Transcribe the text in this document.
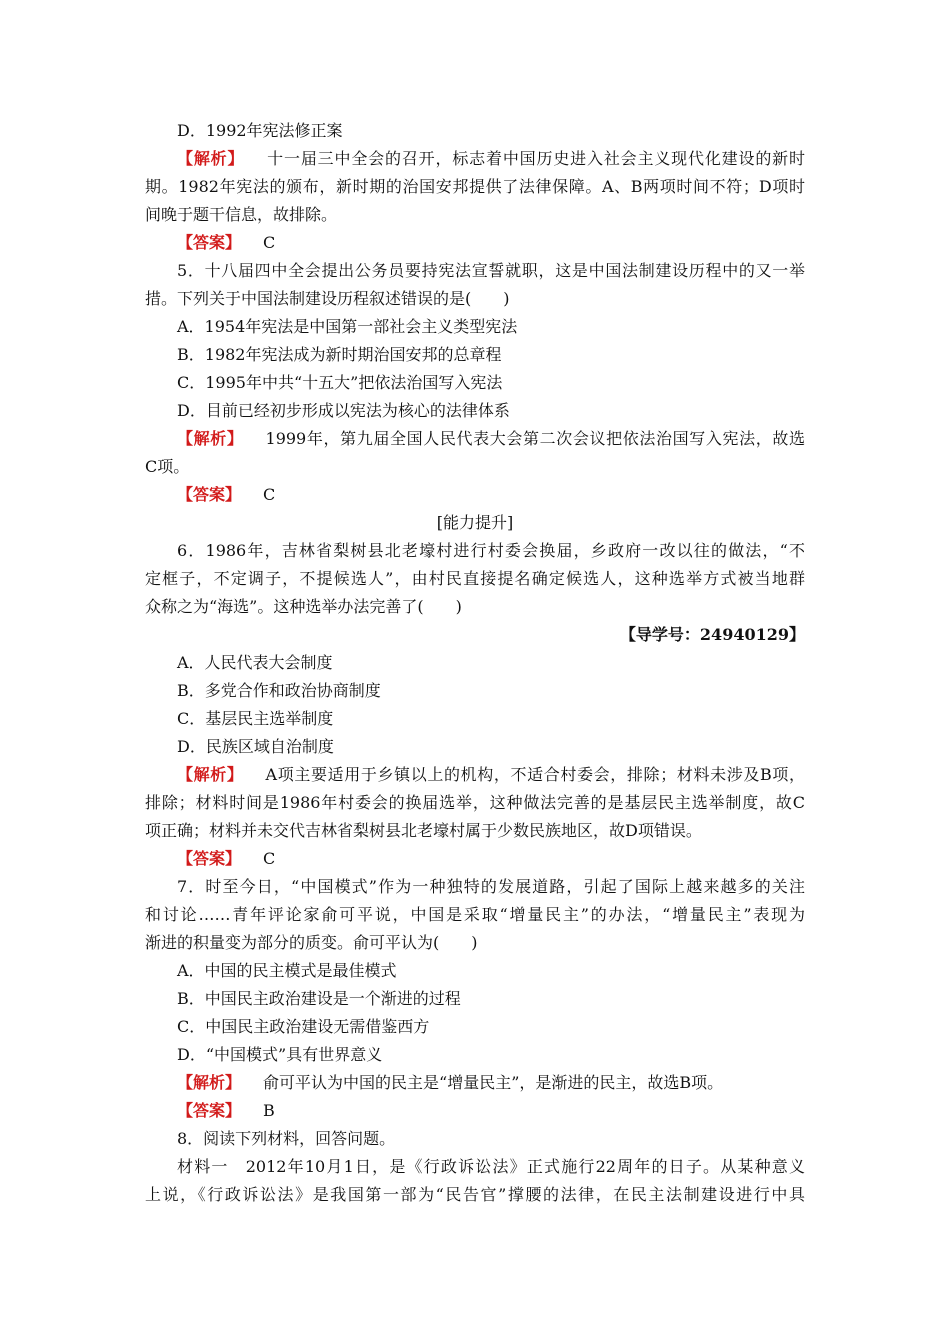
D．1992年宪法修正案
【解析】 十一届三中全会的召开，标志着中国历史进入社会主义现代化建设的新时
期。1982年宪法的颁布，新时期的治国安邦提供了法律保障。A、B两项时间不符；D项时
间晚于题干信息，故排除。
【答案】 C
5．十八届四中全会提出公务员要持宪法宣誓就职，这是中国法制建设历程中的又一举
措。下列关于中国法制建设历程叙述错误的是(　　)
A．1954年宪法是中国第一部社会主义类型宪法
B．1982年宪法成为新时期治国安邦的总章程
C．1995年中共“十五大”把依法治国写入宪法
D．目前已经初步形成以宪法为核心的法律体系
【解析】 1999年，第九届全国人民代表大会第二次会议把依法治国写入宪法，故选
C项。
【答案】 C
[能力提升]
6．1986年，吉林省梨树县北老壕村进行村委会换届，乡政府一改以往的做法，“不
定框子，不定调子，不提候选人”，由村民直接提名确定候选人，这种选举方式被当地群
众称之为“海选”。这种选举办法完善了(　　)
【导学号：24940129】
A．人民代表大会制度
B．多党合作和政治协商制度
C．基层民主选举制度
D．民族区域自治制度
【解析】 A项主要适用于乡镇以上的机构，不适合村委会，排除；材料未涉及B项，
排除；材料时间是1986年村委会的换届选举，这种做法完善的是基层民主选举制度，故C
项正确；材料并未交代吉林省梨树县北老壕村属于少数民族地区，故D项错误。
【答案】 C
7．时至今日，“中国模式”作为一种独特的发展道路，引起了国际上越来越多的关注
和讨论……青年评论家俞可平说，中国是采取“增量民主”的办法，“增量民主”表现为
渐进的积量变为部分的质变。俞可平认为(　　)
A．中国的民主模式是最佳模式
B．中国民主政治建设是一个渐进的过程
C．中国民主政治建设无需借鉴西方
D．“中国模式”具有世界意义
【解析】 俞可平认为中国的民主是“增量民主”，是渐进的民主，故选B项。
【答案】 B
8．阅读下列材料，回答问题。
材料一　2012年10月1日，是《行政诉讼法》正式施行22周年的日子。从某种意义
上说，《行政诉讼法》是我国第一部为“民告官”撑腰的法律，在民主法制建设进行中具
